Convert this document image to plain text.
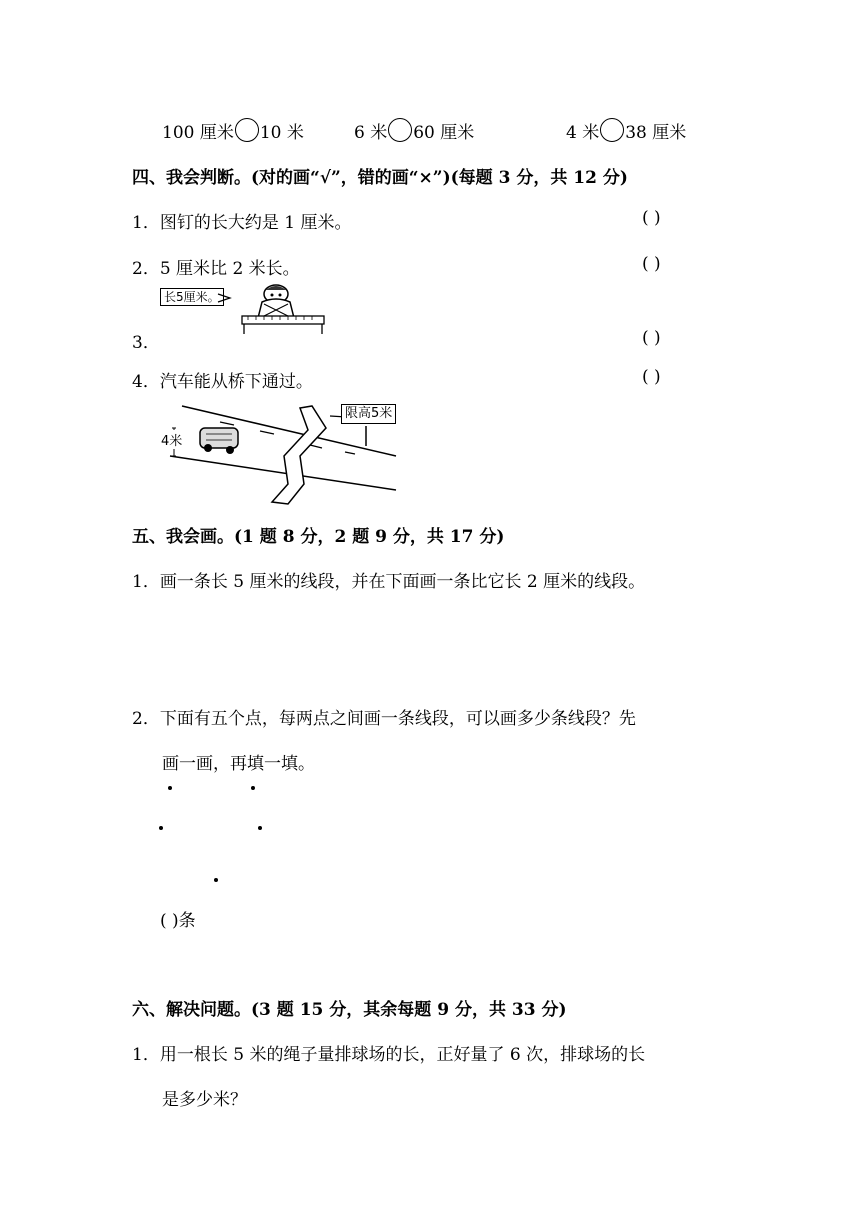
100 厘米 10 米	6 米 60 厘米	4 米 38 厘米
四、我会判断。(对的画“√”，错的画“×”)(每题 3 分，共 12 分)
1．图钉的长大约是 1 厘米。	( )
2．5 厘米比 2 米长。	( )
长5厘米。
3．	( )
4．汽车能从桥下通过。	( )
4米
限高5米
五、我会画。(1 题 8 分，2 题 9 分，共 17 分)
1．画一条长 5 厘米的线段，并在下面画一条比它长 2 厘米的线段。
2．下面有五个点，每两点之间画一条线段，可以画多少条线段？先
画一画，再填一填。
( )条
六、解决问题。(3 题 15 分，其余每题 9 分，共 33 分)
1．用一根长 5 米的绳子量排球场的长，正好量了 6 次，排球场的长
是多少米？
